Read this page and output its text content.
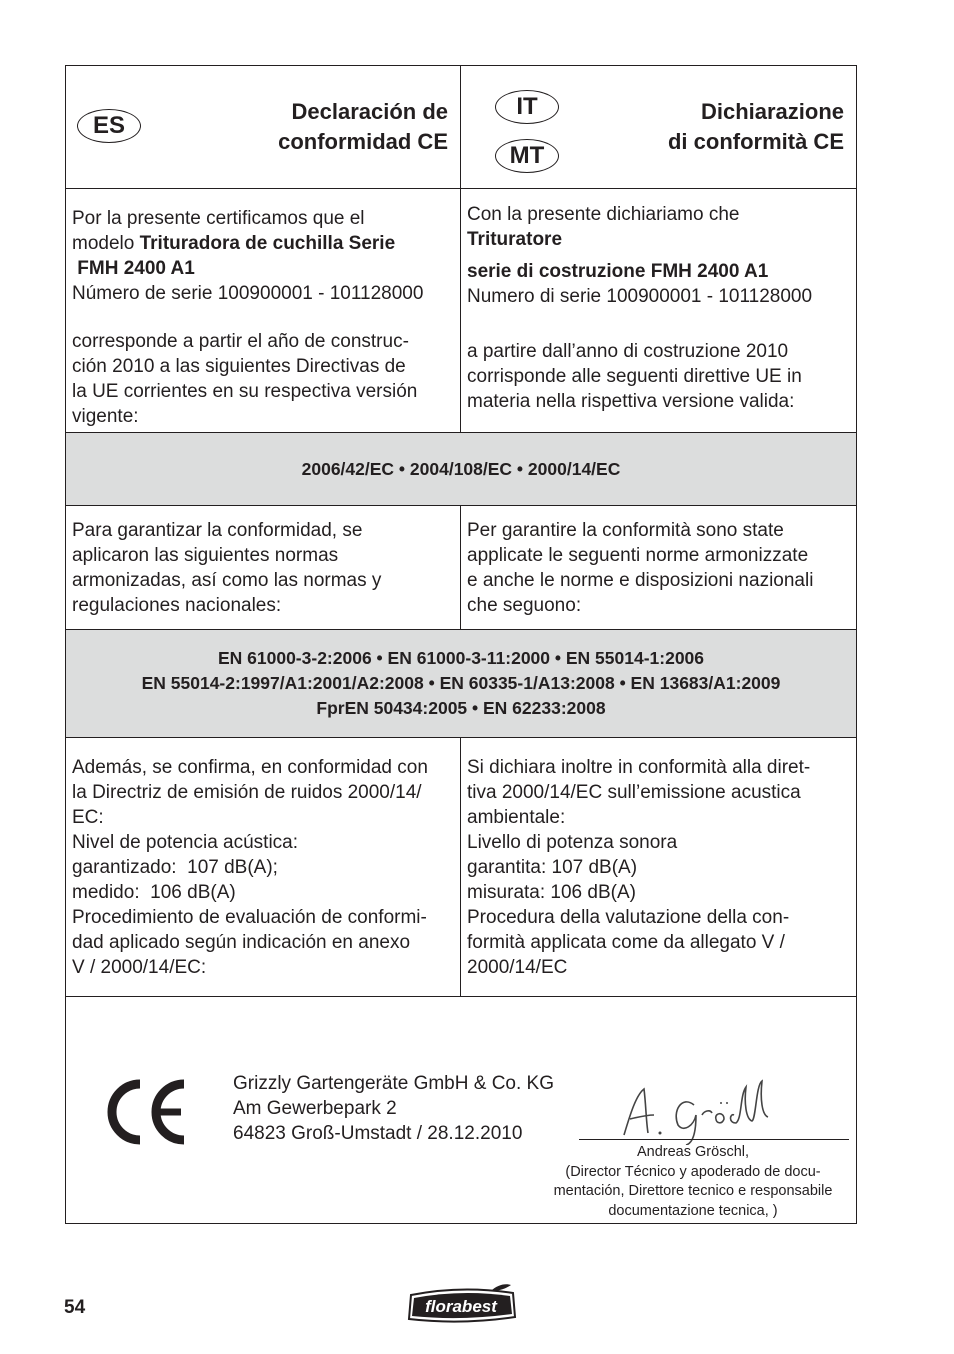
ES
Declaración de
conformidad CE
IT
MT
Dichiarazione
di conformità CE

Por la presente certificamos que el

modelo Trituradora de cuchilla Serie

FMH 2400 A1

Número de serie 100900001 - 101128000

corresponde a partir el año de construc-

ción 2010 a las siguientes Directivas de

la UE corrientes en su respectiva versión

vigente:

Con la presente dichiariamo che

Trituratore

serie di costruzione FMH 2400 A1

Numero di serie 100900001 - 101128000

a partire dall’anno di costruzione 2010

corrisponde alle seguenti direttive UE in

materia nella rispettiva versione valida:

2006/42/EC • 2004/108/EC • 2000/14/EC

Para garantizar la conformidad, se

aplicaron las siguientes normas

armonizadas, así como las normas y

regulaciones nacionales:

Per garantire la conformità sono state

applicate le seguenti norme armonizzate

e anche le norme e disposizioni nazionali

che seguono:

EN 61000-3-2:2006 • EN 61000-3-11:2000 • EN 55014-1:2006
EN 55014-2:1997/A1:2001/A2:2008 • EN 60335-1/A13:2008 • EN 13683/A1:2009
FprEN 50434:2005 • EN 62233:2008

Además, se confirma, en conformidad con

la Directriz de emisión de ruidos 2000/14/

EC:

Nivel de potencia acústica:

garantizado:  107 dB(A);

medido:  106 dB(A)

Procedimiento de evaluación de conformi-

dad aplicado según indicación en anexo

V / 2000/14/EC:

Si dichiara inoltre in conformità alla diret-

tiva 2000/14/EC sull’emissione acustica

ambientale:

Livello di potenza sonora

garantita: 107 dB(A)

misurata: 106 dB(A)

Procedura della valutazione della con-

formità applicata come da allegato V /

2000/14/EC

Grizzly Gartengeräte GmbH & Co. KG
Am Gewerbepark 2
64823 Groß-Umstadt / 28.12.2010
Andreas Gröschl,
(Director Técnico y apoderado de docu-
mentación, Direttore tecnico e responsabile
documentazione tecnica, )
54	florabest
